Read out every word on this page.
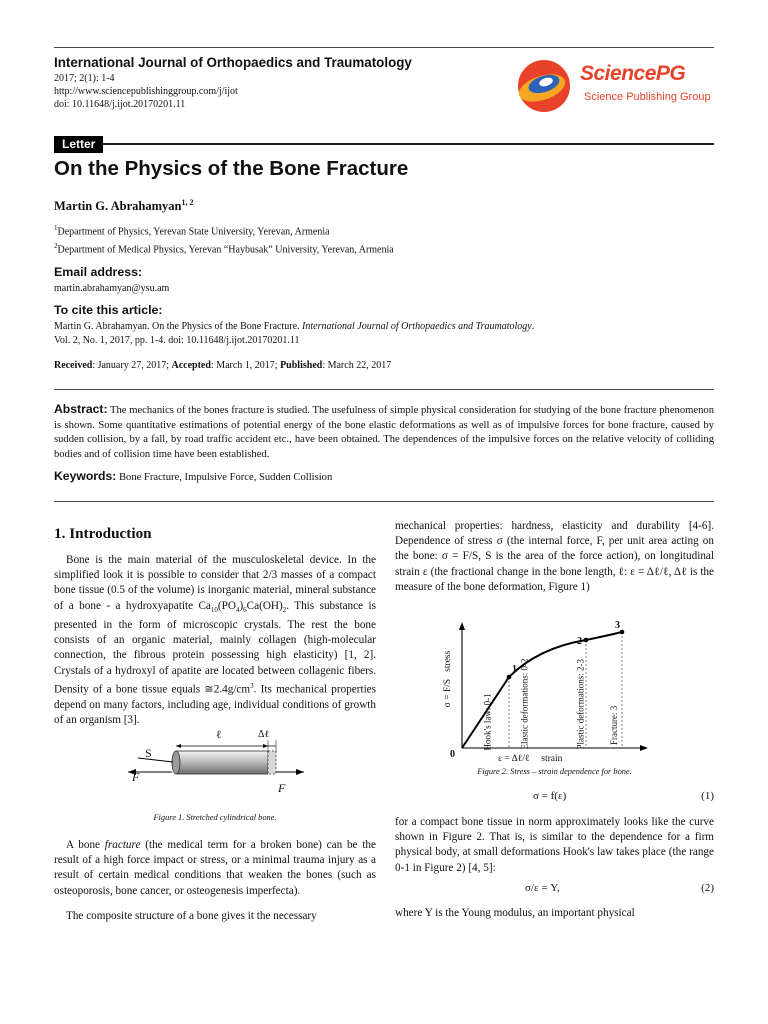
International Journal of Orthopaedics and Traumatology
2017; 2(1): 1-4
http://www.sciencepublishinggroup.com/j/ijot
doi: 10.11648/j.ijot.20170201.11
SciencePG
Science Publishing Group
Letter
On the Physics of the Bone Fracture
Martin G. Abrahamyan$^{1, 2}$
$^1$Department of Physics, Yerevan State University, Yerevan, Armenia
$^2$Department of Medical Physics, Yerevan “Haybusak” University, Yerevan, Armenia
Email address:
martin.abrahamyan@ysu.am
To cite this article:
Martin G. Abrahamyan. On the Physics of the Bone Fracture. International Journal of Orthopaedics and Traumatology.
Vol. 2, No. 1, 2017, pp. 1-4. doi: 10.11648/j.ijot.20170201.11
Received: January 27, 2017; Accepted: March 1, 2017; Published: March 22, 2017

Abstract: The mechanics of the bones fracture is studied. The usefulness of simple physical consideration for studying of the bone fracture phenomenon is shown. Some quantitative estimations of potential energy of the bone elastic deformations as well as of impulsive forces for bone fracture, caused by sudden collision, by a fall, by road traffic accident etc., have been obtained. The dependences of the impulsive forces on the relative velocity of colliding bodies and of collision time have been established.

Keywords: Bone Fracture, Impulsive Force, Sudden Collision
1. Introduction

Bone is the main material of the musculoskeletal device. In the simplified look it is possible to consider that 2/3 masses of a compact bone tissue (0.5 of the volume) is inorganic material, mineral substance of a bone - a hydroxyapatite $Ca_{10}(PO_4)_6Ca(OH)_2$. This substance is presented in the form of microscopic crystals. The rest the bone consists of an organic material, mainly collagen (high-molecular connection, the fibrous protein possessing high elasticity) [1, 2]. Crystals of a hydroxyl of apatite are located between collagenic fibers. Density of a bone tissue equals $≅2.4g/cm^3$. Its mechanical properties depend on many factors, including age, individual conditions of growth of an organism [3].

S
F
F
ℓ	Δℓ
Figure 1. Stretched cylindrical bone.

A bone fracture (the medical term for a broken bone) can be the result of a high force impact or stress, or a minimal trauma injury as a result of certain medical conditions that weaken the bones (such as osteoporosis, bone cancer, or osteogenesis imperfecta).

The composite structure of a bone gives it the necessary

mechanical properties: hardness, elasticity and durability [4-6]. Dependence of stress σ (the internal force, F, per unit area acting on the bone: σ = F/S, S is the area of the force action), on longitudinal strain ε (the fractional change in the bone length, ℓ: ε = Δℓ/ℓ, Δℓ is the measure of the bone deformation, Figure 1)

0
1
2
3
ε = Δℓ/ℓ     strain
σ = F/S   stress
Hook's law: 0-1	Elastic deformations: 0-2	Plastic deformations: 2-3	Fracture: 3
Figure 2. Stress – strain dependence for bone.
σ = f(ε)	(1)

for a compact bone tissue in norm approximately looks like the curve shown in Figure 2. That is, is similar to the dependence for a firm physical body, at small deformations Hook's law takes place (the range 0-1 in Figure 2) [4, 5]:

σ/ε = Y,	(2)

where Y is the Young modulus, an important physical
